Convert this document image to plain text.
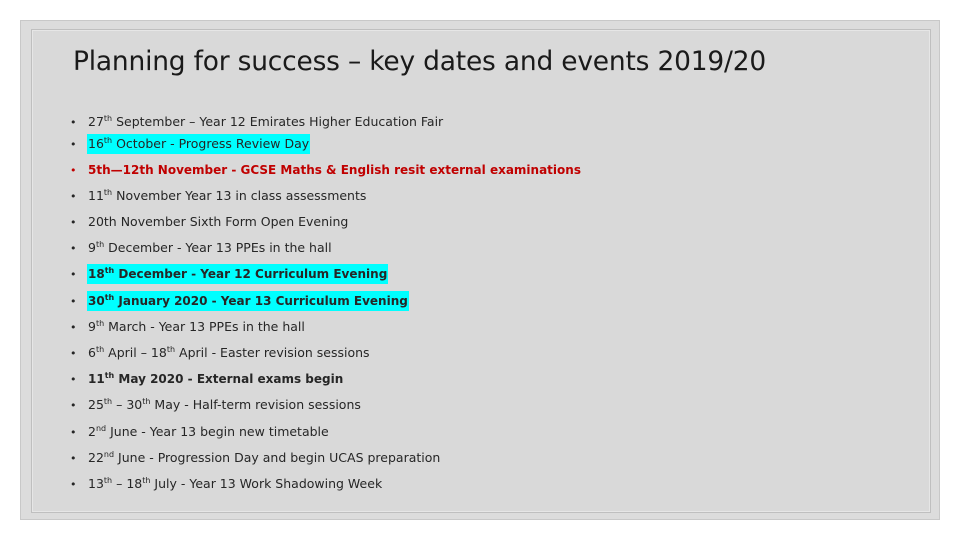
Planning for success – key dates and events 2019/20
• 27th September – Year 12 Emirates Higher Education Fair
• 16th October - Progress Review Day
• 5th—12th November - GCSE Maths & English resit external examinations
• 11th November Year 13 in class assessments
• 20th November Sixth Form Open Evening
• 9th December - Year 13 PPEs in the hall
• 18th December - Year 12 Curriculum Evening
• 30th January 2020 - Year 13 Curriculum Evening
• 9th March - Year 13 PPEs in the hall
• 6th April – 18th April - Easter revision sessions
• 11th May 2020 - External exams begin
• 25th – 30th May - Half-term revision sessions
• 2nd June - Year 13 begin new timetable
• 22nd June - Progression Day and begin UCAS preparation
• 13th – 18th July - Year 13 Work Shadowing Week
